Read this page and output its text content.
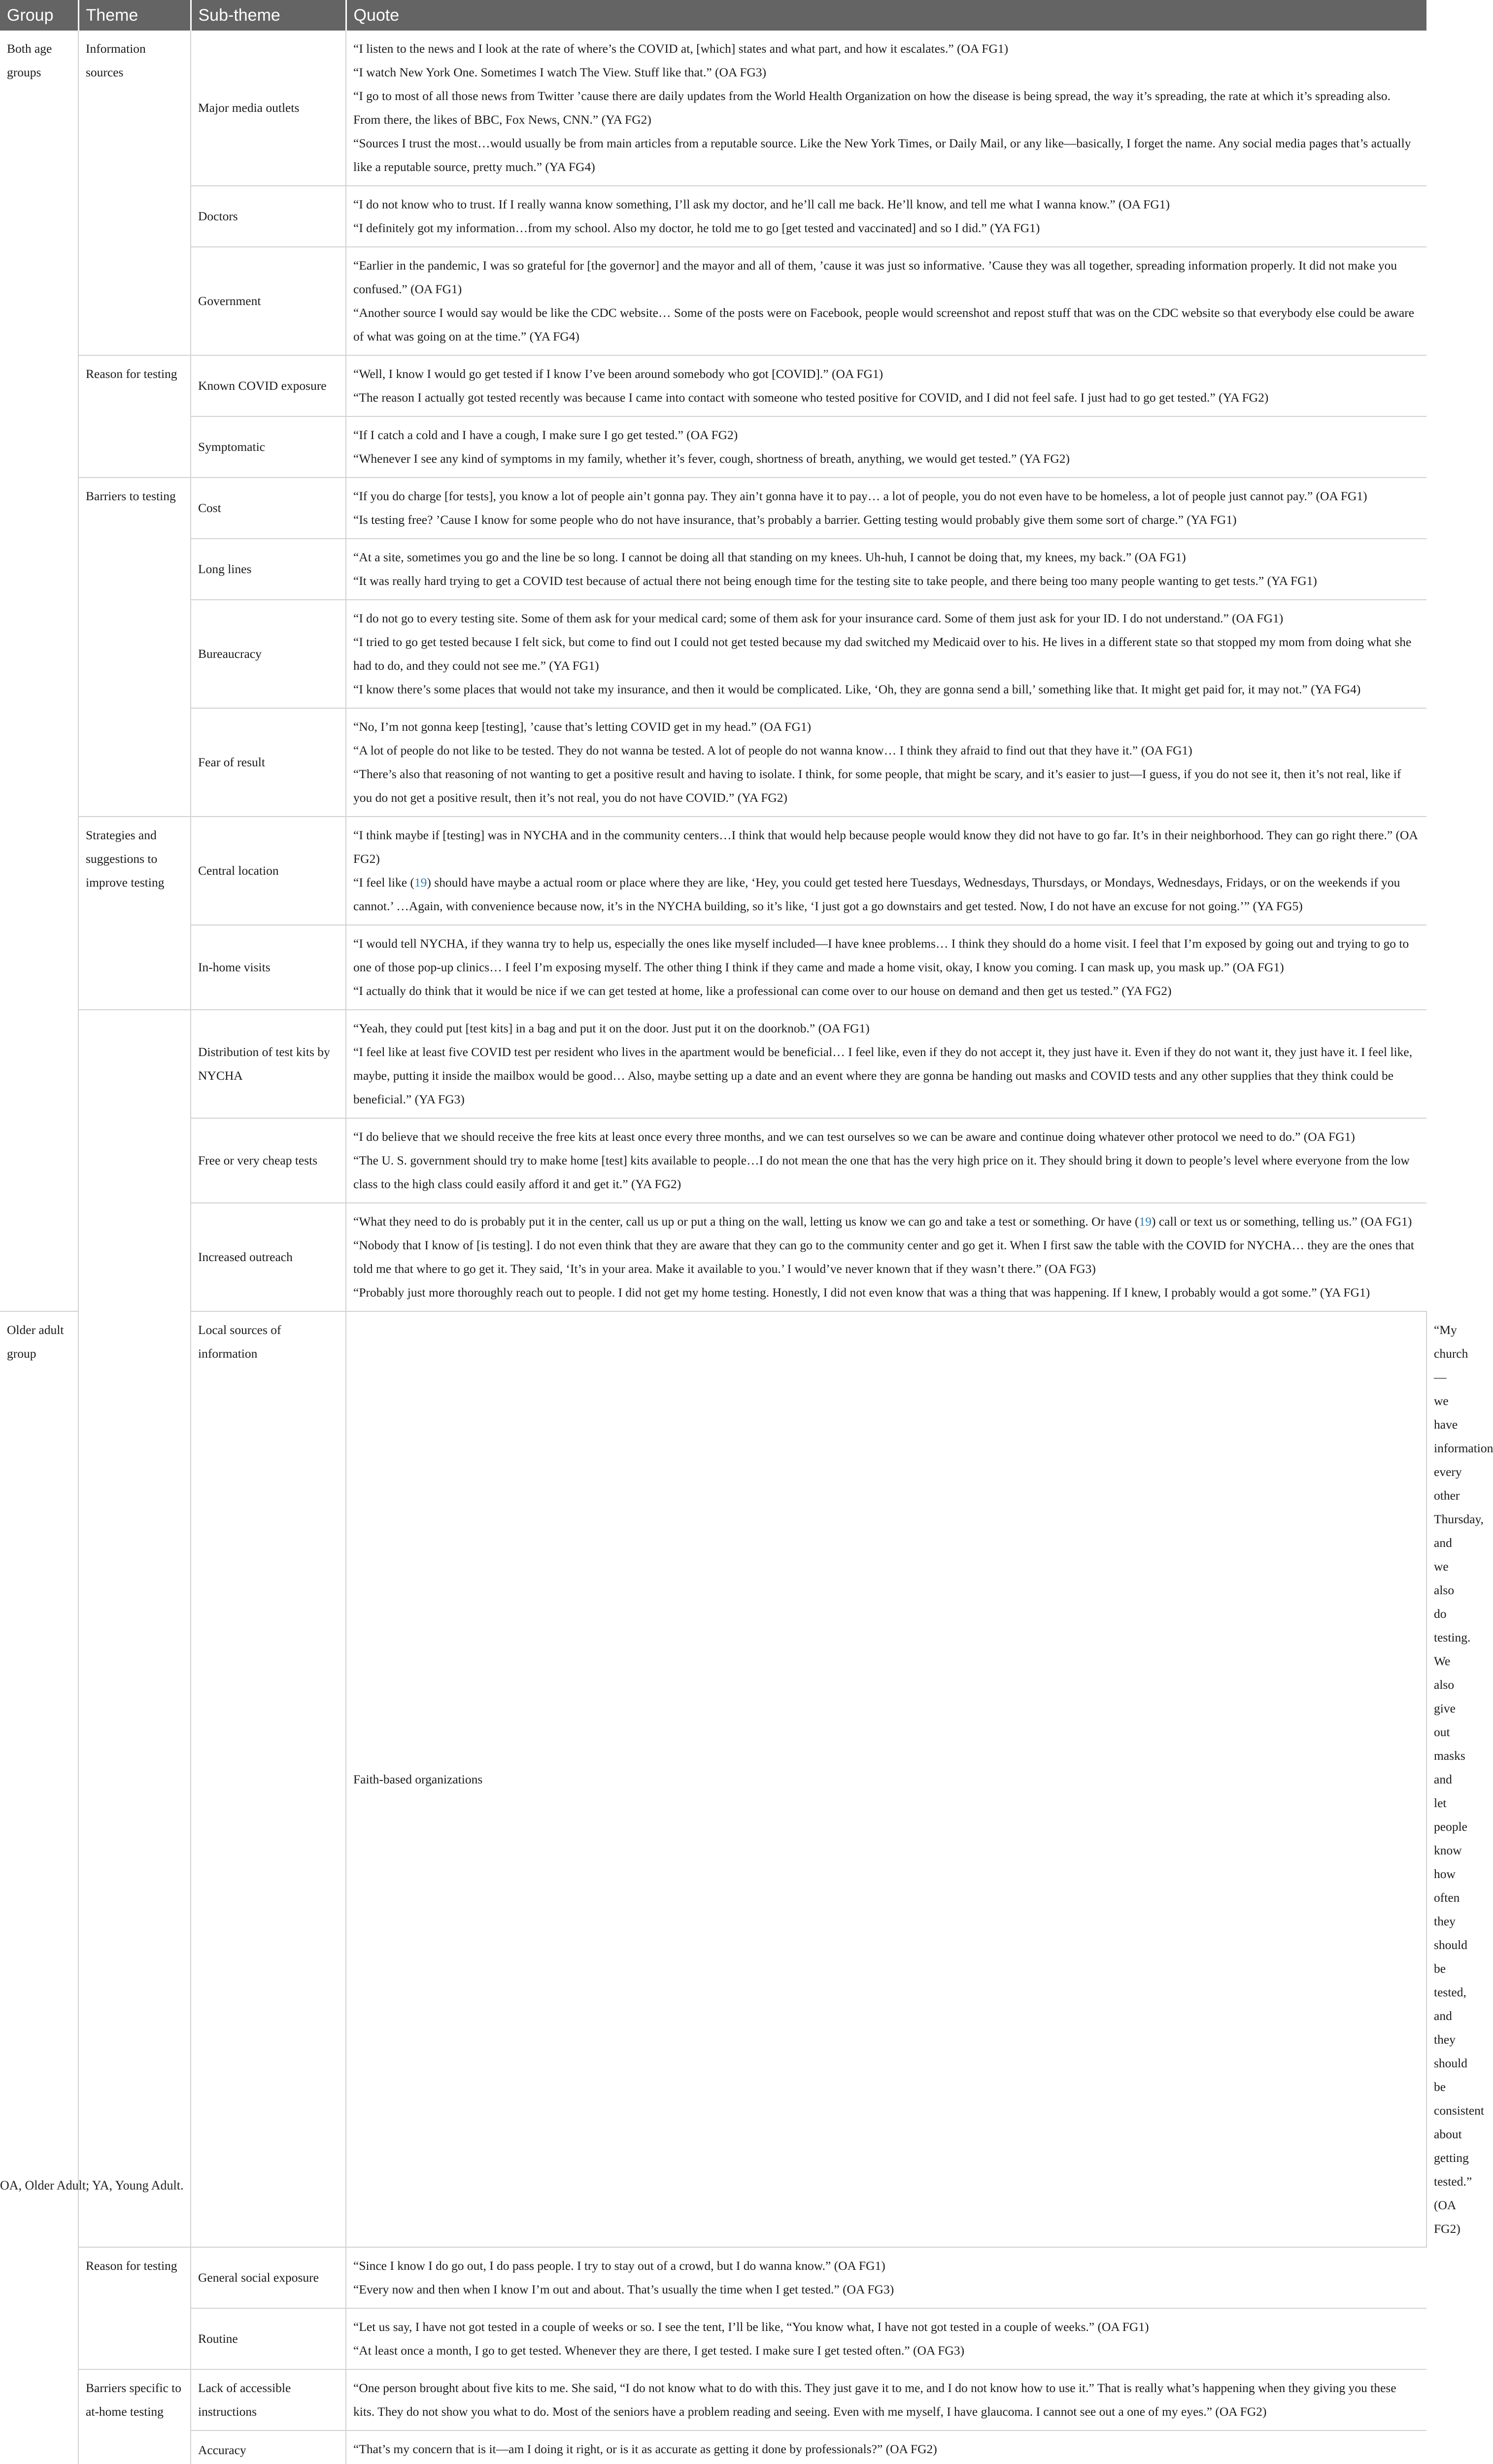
Group	Theme	Sub-theme	Quote	
Both age groups	Information sources	Major media outlets	“I listen to the news and I look at the rate of where’s the COVID at, [which] states and what part, and how it escalates.” (OA FG1)
“I watch New York One. Sometimes I watch The View. Stuff like that.” (OA FG3)
“I go to most of all those news from Twitter ’cause there are daily updates from the World Health Organization on how the disease is being spread, the way it’s spreading, the rate at which it’s spreading also. From there, the likes of BBC, Fox News, CNN.” (YA FG2)
“Sources I trust the most…would usually be from main articles from a reputable source. Like the New York Times, or Daily Mail, or any like—basically, I forget the name. Any social media pages that’s actually like a reputable source, pretty much.” (YA FG4)	

		Doctors	“I do not know who to trust. If I really wanna know something, I’ll ask my doctor, and he’ll call me back. He’ll know, and tell me what I wanna know.” (OA FG1)
“I definitely got my information…from my school. Also my doctor, he told me to go [get tested and vaccinated] and so I did.” (YA FG1)	

		Government	“Earlier in the pandemic, I was so grateful for [the governor] and the mayor and all of them, ’cause it was just so informative. ’Cause they was all together, spreading information properly. It did not make you confused.” (OA FG1)
“Another source I would say would be like the CDC website… Some of the posts were on Facebook, people would screenshot and repost stuff that was on the CDC website so that everybody else could be aware of what was going on at the time.” (YA FG4)	

	Reason for testing	Known COVID exposure	“Well, I know I would go get tested if I know I’ve been around somebody who got [COVID].” (OA FG1)
“The reason I actually got tested recently was because I came into contact with someone who tested positive for COVID, and I did not feel safe. I just had to go get tested.” (YA FG2)	

		Symptomatic	“If I catch a cold and I have a cough, I make sure I go get tested.” (OA FG2)
“Whenever I see any kind of symptoms in my family, whether it’s fever, cough, shortness of breath, anything, we would get tested.” (YA FG2)	

	Barriers to testing	Cost	“If you do charge [for tests], you know a lot of people ain’t gonna pay. They ain’t gonna have it to pay… a lot of people, you do not even have to be homeless, a lot of people just cannot pay.” (OA FG1)
“Is testing free? ’Cause I know for some people who do not have insurance, that’s probably a barrier. Getting testing would probably give them some sort of charge.” (YA FG1)	

		Long lines	“At a site, sometimes you go and the line be so long. I cannot be doing all that standing on my knees. Uh-huh, I cannot be doing that, my knees, my back.” (OA FG1)
“It was really hard trying to get a COVID test because of actual there not being enough time for the testing site to take people, and there being too many people wanting to get tests.” (YA FG1)	

		Bureaucracy	“I do not go to every testing site. Some of them ask for your medical card; some of them ask for your insurance card. Some of them just ask for your ID. I do not understand.” (OA FG1)
“I tried to go get tested because I felt sick, but come to find out I could not get tested because my dad switched my Medicaid over to his. He lives in a different state so that stopped my mom from doing what she had to do, and they could not see me.” (YA FG1)
“I know there’s some places that would not take my insurance, and then it would be complicated. Like, ‘Oh, they are gonna send a bill,’ something like that. It might get paid for, it may not.” (YA FG4)	

		Fear of result	“No, I’m not gonna keep [testing], ’cause that’s letting COVID get in my head.” (OA FG1)
“A lot of people do not like to be tested. They do not wanna be tested. A lot of people do not wanna know… I think they afraid to find out that they have it.” (OA FG1)
“There’s also that reasoning of not wanting to get a positive result and having to isolate. I think, for some people, that might be scary, and it’s easier to just—I guess, if you do not see it, then it’s not real, like if you do not get a positive result, then it’s not real, you do not have COVID.” (YA FG2)	

	Strategies and suggestions to improve testing	Central location	“I think maybe if [testing] was in NYCHA and in the community centers…I think that would help because people would know they did not have to go far. It’s in their neighborhood. They can go right there.” (OA FG2)
“I feel like (19) should have maybe a actual room or place where they are like, ‘Hey, you could get tested here Tuesdays, Wednesdays, Thursdays, or Mondays, Wednesdays, Fridays, or on the weekends if you cannot.’ …Again, with convenience because now, it’s in the NYCHA building, so it’s like, ‘I just got a go downstairs and get tested. Now, I do not have an excuse for not going.’” (YA FG5)	

		In-home visits	“I would tell NYCHA, if they wanna try to help us, especially the ones like myself included—I have knee problems… I think they should do a home visit. I feel that I’m exposed by going out and trying to go to one of those pop-up clinics… I feel I’m exposing myself. The other thing I think if they came and made a home visit, okay, I know you coming. I can mask up, you mask up.” (OA FG1)
“I actually do think that it would be nice if we can get tested at home, like a professional can come over to our house on demand and then get us tested.” (YA FG2)	

		Distribution of test kits by NYCHA	“Yeah, they could put [test kits] in a bag and put it on the door. Just put it on the doorknob.” (OA FG1)
“I feel like at least five COVID test per resident who lives in the apartment would be beneficial… I feel like, even if they do not accept it, they just have it. Even if they do not want it, they just have it. I feel like, maybe, putting it inside the mailbox would be good… Also, maybe setting up a date and an event where they are gonna be handing out masks and COVID tests and any other supplies that they think could be beneficial.” (YA FG3)	

		Free or very cheap tests	“I do believe that we should receive the free kits at least once every three months, and we can test ourselves so we can be aware and continue doing whatever other protocol we need to do.” (OA FG1)
“The U. S. government should try to make home [test] kits available to people…I do not mean the one that has the very high price on it. They should bring it down to people’s level where everyone from the low class to the high class could easily afford it and get it.” (YA FG2)	

		Increased outreach	“What they need to do is probably put it in the center, call us up or put a thing on the wall, letting us know we can go and take a test or something. Or have (19) call or text us or something, telling us.” (OA FG1)
“Nobody that I know of [is testing]. I do not even think that they are aware that they can go to the community center and go get it. When I first saw the table with the COVID for NYCHA… they are the ones that told me that where to go get it. They said, ‘It’s in your area. Make it available to you.’ I would’ve never known that if they wasn’t there.” (OA FG3)
“Probably just more thoroughly reach out to people. I did not get my home testing. Honestly, I did not even know that was a thing that was happening. If I knew, I probably would a got some.” (YA FG1)	

Older adult group		Local sources of information	Faith-based organizations	“My church—we have information every other Thursday, and we also do testing. We also give out masks and let people know how often they should be tested, and they should be consistent about getting tested.” (OA FG2)

	Reason for testing	General social exposure	“Since I know I do go out, I do pass people. I try to stay out of a crowd, but I do wanna know.” (OA FG1)
“Every now and then when I know I’m out and about. That’s usually the time when I get tested.” (OA FG3)	

		Routine	“Let us say, I have not got tested in a couple of weeks or so. I see the tent, I’ll be like, “You know what, I have not got tested in a couple of weeks.” (OA FG1)
“At least once a month, I go to get tested. Whenever they are there, I get tested. I make sure I get tested often.” (OA FG3)	

	Barriers specific to at-home testing	Lack of accessible instructions	“One person brought about five kits to me. She said, “I do not know what to do with this. They just gave it to me, and I do not know how to use it.” That is really what’s happening when they giving you these kits. They do not show you what to do. Most of the seniors have a problem reading and seeing. Even with me myself, I have glaucoma. I cannot see out a one of my eyes.” (OA FG2)	

		Accuracy	“That’s my concern that is it—am I doing it right, or is it as accurate as getting it done by professionals?” (OA FG2)	

OA, Older Adult; YA, Young Adult.
